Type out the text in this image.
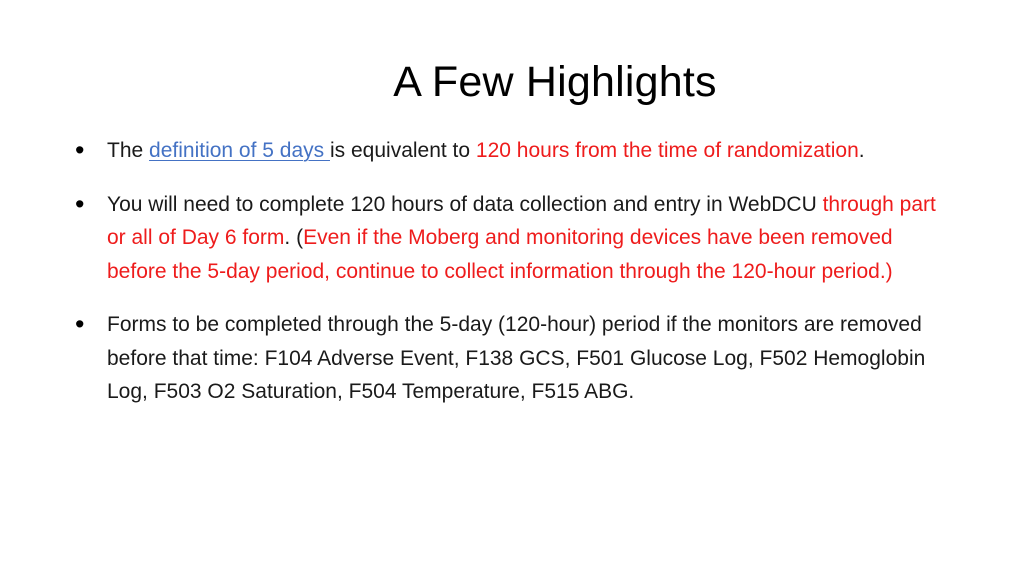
A Few Highlights
• The definition of 5 days is equivalent to 120 hours from the time of randomization.
• You will need to complete 120 hours of data collection and entry in WebDCU through part or all of Day 6 form. (Even if the Moberg and monitoring devices have been removed before the 5-day period, continue to collect information through the 120-hour period.)
• Forms to be completed through the 5-day (120-hour) period if the monitors are removed before that time: F104 Adverse Event, F138 GCS, F501 Glucose Log, F502 Hemoglobin Log, F503 O2 Saturation, F504 Temperature, F515 ABG.
